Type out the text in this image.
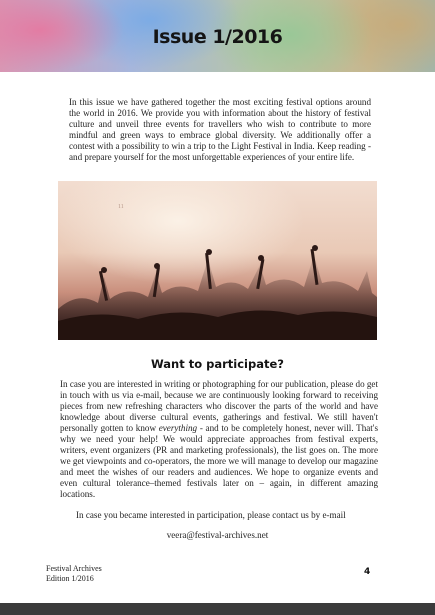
Issue 1/2016

In this issue we have gathered together the most exciting festival options around the world in 2016. We provide you with information about the history of festival culture and unveil three events for travellers who wish to contribute to more mindful and green ways to embrace global diversity. We additionally offer a contest with a possibility to win a trip to the Light Festival in India. Keep reading - and prepare yourself for the most unforgettable experiences of your entire life.

11
Want to participate?

In case you are interested in writing or photographing for our publication, please do get in touch with us via e-mail, because we are continuously looking forward to receiving pieces from new refreshing characters who discover the parts of the world and have knowledge about diverse cultural events, gatherings and festival. We still haven't personally gotten to know everything - and to be completely honest, never will. That's why we need your help! We would appreciate approaches from festival experts, writers, event organizers (PR and marketing professionals), the list goes on. The more we get viewpoints and co-operators, the more we will manage to develop our magazine and meet the wishes of our readers and audiences. We hope to organize events and even cultural tolerance–themed festivals later on – again, in different amazing locations.

In case you became interested in participation, please contact us by e-mail
veera@festival-archives.net
Festival Archives
Edition 1/2016
4
